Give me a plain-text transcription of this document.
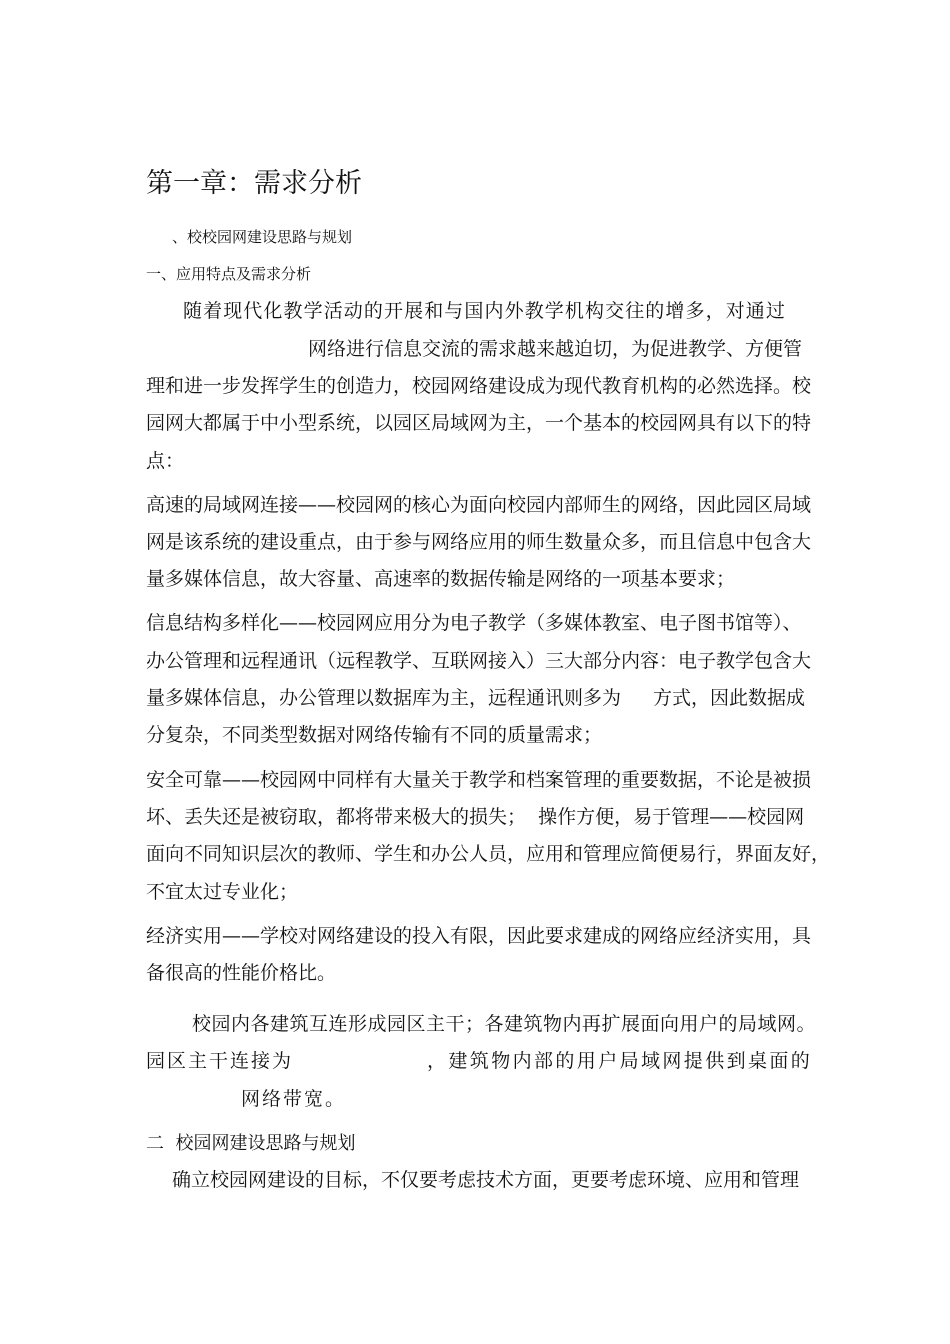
第一章：需求分析
、校校园网建设思路与规划
一、应用特点及需求分析
随着现代化教学活动的开展和与国内外教学机构交往的增多，对通过
网络进行信息交流的需求越来越迫切，为促进教学、方便管
理和进一步发挥学生的创造力，校园网络建设成为现代教育机构的必然选择。校
园网大都属于中小型系统，以园区局域网为主，一个基本的校园网具有以下的特
点：
高速的局域网连接——校园网的核心为面向校园内部师生的网络，因此园区局域
网是该系统的建设重点，由于参与网络应用的师生数量众多，而且信息中包含大
量多媒体信息，故大容量、高速率的数据传输是网络的一项基本要求；
信息结构多样化——校园网应用分为电子教学（多媒体教室、电子图书馆等）、
办公管理和远程通讯（远程教学、互联网接入）三大部分内容：电子教学包含大
量多媒体信息，办公管理以数据库为主，远程通讯则多为 方式，因此数据成
分复杂，不同类型数据对网络传输有不同的质量需求；
安全可靠——校园网中同样有大量关于教学和档案管理的重要数据，不论是被损
坏、丢失还是被窃取，都将带来极大的损失；  操作方便，易于管理——校园网
面向不同知识层次的教师、学生和办公人员，应用和管理应简便易行，界面友好，
不宜太过专业化；
经济实用——学校对网络建设的投入有限，因此要求建成的网络应经济实用，具
备很高的性能价格比。
校园内各建筑互连形成园区主干；各建筑物内再扩展面向用户的局域网。
园区主干连接为	，建筑物内部的用户局域网提供到桌面的
网络带宽。
二  校园网建设思路与规划
确立校园网建设的目标，不仅要考虑技术方面，更要考虑环境、应用和管理
